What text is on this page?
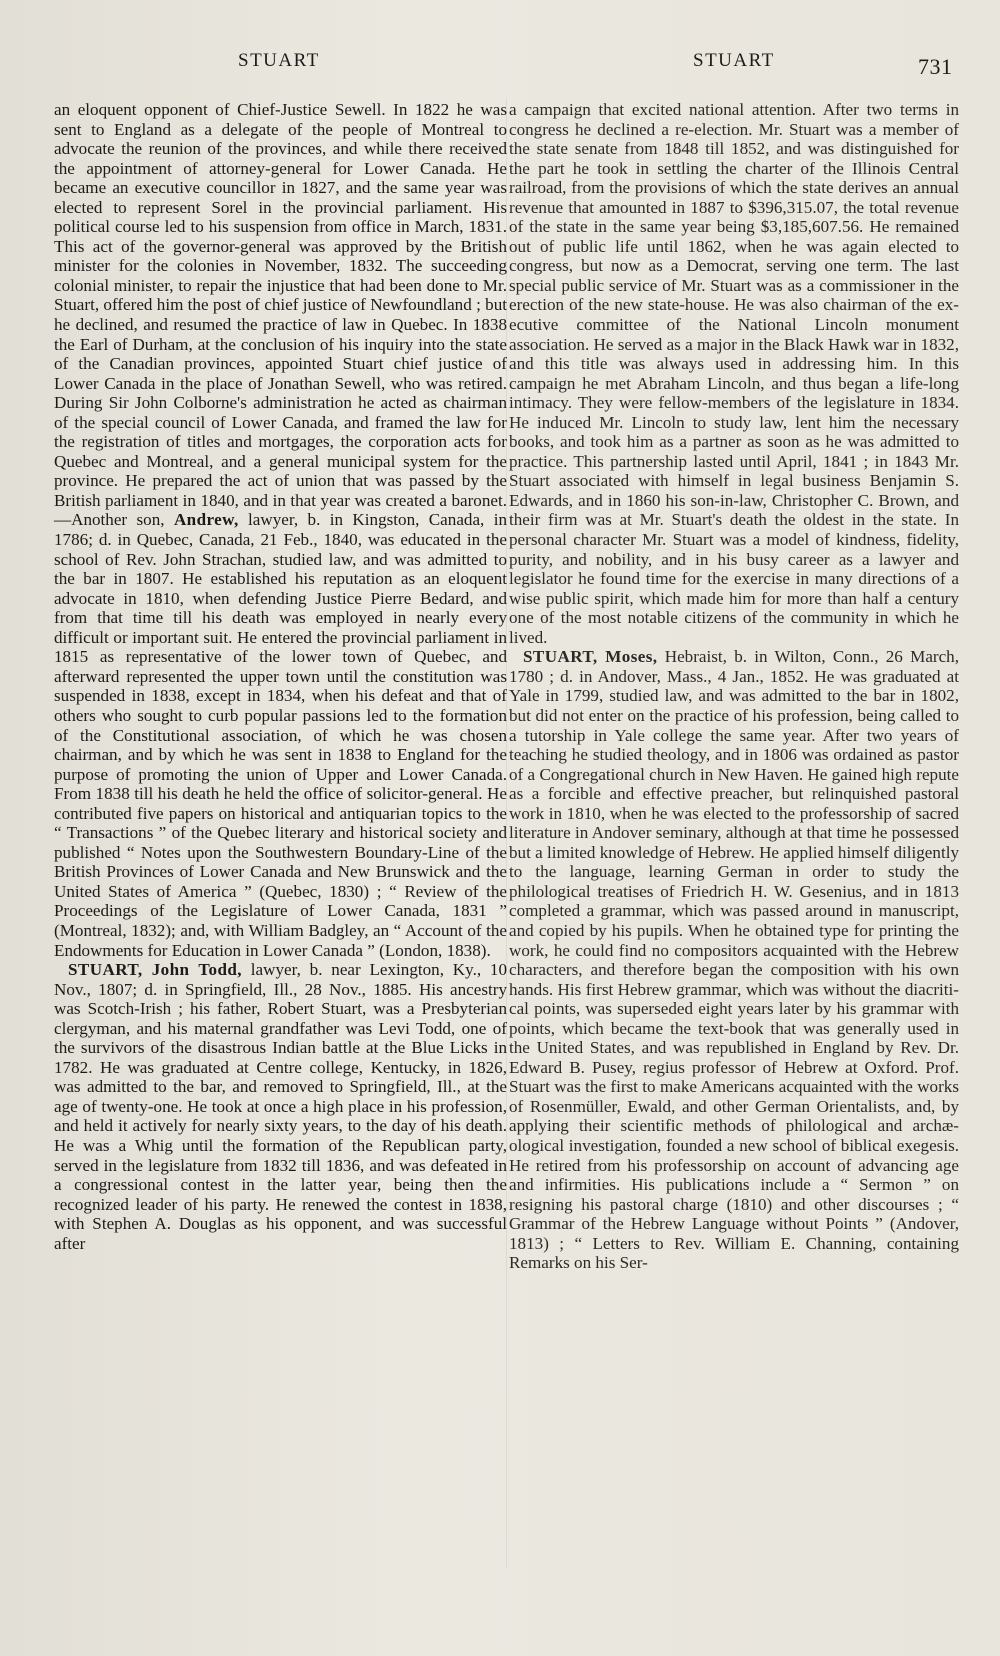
STUART	STUART	731

an eloquent opponent of Chief-Justice Sewell. In 1822 he was sent to England as a delegate of the people of Montreal to advocate the reunion of the provinces, and while there received the appointment of attorney-general for Lower Canada. He became an executive councillor in 1827, and the same year was elected to represent Sorel in the provincial parliament. His political course led to his suspension from office in March, 1831. This act of the governor-general was approved by the British minister for the colonies in November, 1832. The succeeding colonial minister, to repair the injustice that had been done to Mr. Stuart, offered him the post of chief justice of Newfoundland ; but he declined, and resumed the practice of law in Quebec. In 1838 the Earl of Durham, at the conclusion of his inquiry into the state of the Canadian provinces, appointed Stuart chief justice of Lower Canada in the place of Jonathan Sewell, who was retired. During Sir John Colborne's administration he acted as chairman of the special council of Lower Canada, and framed the law for the registration of titles and mortgages, the corporation acts for Quebec and Montreal, and a general municipal system for the province. He prepared the act of union that was passed by the British parliament in 1840, and in that year was created a baronet.—Another son, Andrew, lawyer, b. in Kingston, Canada, in 1786; d. in Quebec, Canada, 21 Feb., 1840, was educated in the school of Rev. John Strachan, studied law, and was admitted to the bar in 1807. He established his reputation as an eloquent advocate in 1810, when defending Justice Pierre Bedard, and from that time till his death was employed in nearly every difficult or important suit. He entered the provincial parliament in 1815 as representative of the lower town of Quebec, and afterward represented the upper town until the constitution was suspended in 1838, except in 1834, when his defeat and that of others who sought to curb popular passions led to the formation of the Constitutional association, of which he was chosen chairman, and by which he was sent in 1838 to England for the purpose of promoting the union of Upper and Lower Canada. From 1838 till his death he held the office of solicitor-general. He contributed five papers on historical and antiquarian topics to the “ Transactions ” of the Quebec literary and historical society and published “ Notes upon the Southwestern Boundary-Line of the British Provinces of Lower Canada and New Brunswick and the United States of America ” (Quebec, 1830) ; “ Review of the Proceedings of the Legislature of Lower Canada, 1831 ” (Montreal, 1832); and, with William Badgley, an “ Account of the Endowments for Education in Lower Canada ” (London, 1838).

STUART, John Todd, lawyer, b. near Lexington, Ky., 10 Nov., 1807; d. in Springfield, Ill., 28 Nov., 1885. His ancestry was Scotch-Irish ; his father, Robert Stuart, was a Presbyterian clergyman, and his maternal grandfather was Levi Todd, one of the survivors of the disastrous Indian battle at the Blue Licks in 1782. He was graduated at Centre college, Kentucky, in 1826, was admitted to the bar, and removed to Springfield, Ill., at the age of twenty-one. He took at once a high place in his profession, and held it actively for nearly sixty years, to the day of his death. He was a Whig until the formation of the Republican party, served in the legislature from 1832 till 1836, and was defeated in a congressional contest in the latter year, being then the recognized leader of his party. He renewed the contest in 1838, with Stephen A. Douglas as his opponent, and was successful after

a campaign that excited national attention. After two terms in congress he declined a re-election. Mr. Stuart was a member of the state senate from 1848 till 1852, and was distinguished for the part he took in settling the charter of the Illinois Central railroad, from the provisions of which the state derives an annual revenue that amounted in 1887 to $396,315.07, the total revenue of the state in the same year being $3,185,607.56. He remained out of public life until 1862, when he was again elected to congress, but now as a Democrat, serving one term. The last special public service of Mr. Stuart was as a commissioner in the erection of the new state-house. He was also chairman of the executive committee of the National Lincoln monument association. He served as a major in the Black Hawk war in 1832, and this title was always used in addressing him. In this campaign he met Abraham Lincoln, and thus began a life-long intimacy. They were fellow-members of the legislature in 1834. He induced Mr. Lincoln to study law, lent him the necessary books, and took him as a partner as soon as he was admitted to practice. This partnership lasted until April, 1841 ; in 1843 Mr. Stuart associated with himself in legal business Benjamin S. Edwards, and in 1860 his son-in-law, Christopher C. Brown, and their firm was at Mr. Stuart's death the oldest in the state. In personal character Mr. Stuart was a model of kindness, fidelity, purity, and nobility, and in his busy career as a lawyer and legislator he found time for the exercise in many directions of a wise public spirit, which made him for more than half a century one of the most notable citizens of the community in which he lived.

STUART, Moses, Hebraist, b. in Wilton, Conn., 26 March, 1780 ; d. in Andover, Mass., 4 Jan., 1852. He was graduated at Yale in 1799, studied law, and was admitted to the bar in 1802, but did not enter on the practice of his profession, being called to a tutorship in Yale college the same year. After two years of teaching he studied theology, and in 1806 was ordained as pastor of a Congregational church in New Haven. He gained high repute as a forcible and effective preacher, but relinquished pastoral work in 1810, when he was elected to the professorship of sacred literature in Andover seminary, although at that time he possessed but a limited knowledge of Hebrew. He applied himself diligently to the language, learning German in order to study the philological treatises of Friedrich H. W. Gesenius, and in 1813 completed a grammar, which was passed around in manuscript, and copied by his pupils. When he obtained type for printing the work, he could find no compositors acquainted with the Hebrew characters, and therefore began the composition with his own hands. His first Hebrew grammar, which was without the diacritical points, was superseded eight years later by his grammar with points, which became the text-book that was generally used in the United States, and was republished in England by Rev. Dr. Edward B. Pusey, regius professor of Hebrew at Oxford. Prof. Stuart was the first to make Americans acquainted with the works of Rosenmüller, Ewald, and other German Orientalists, and, by applying their scientific methods of philological and archæological investigation, founded a new school of biblical exegesis. He retired from his professorship on account of advancing age and infirmities. His publications include a “ Sermon ” on resigning his pastoral charge (1810) and other discourses ; “ Grammar of the Hebrew Language without Points ” (Andover, 1813) ; “ Letters to Rev. William E. Channing, containing Remarks on his Ser-
